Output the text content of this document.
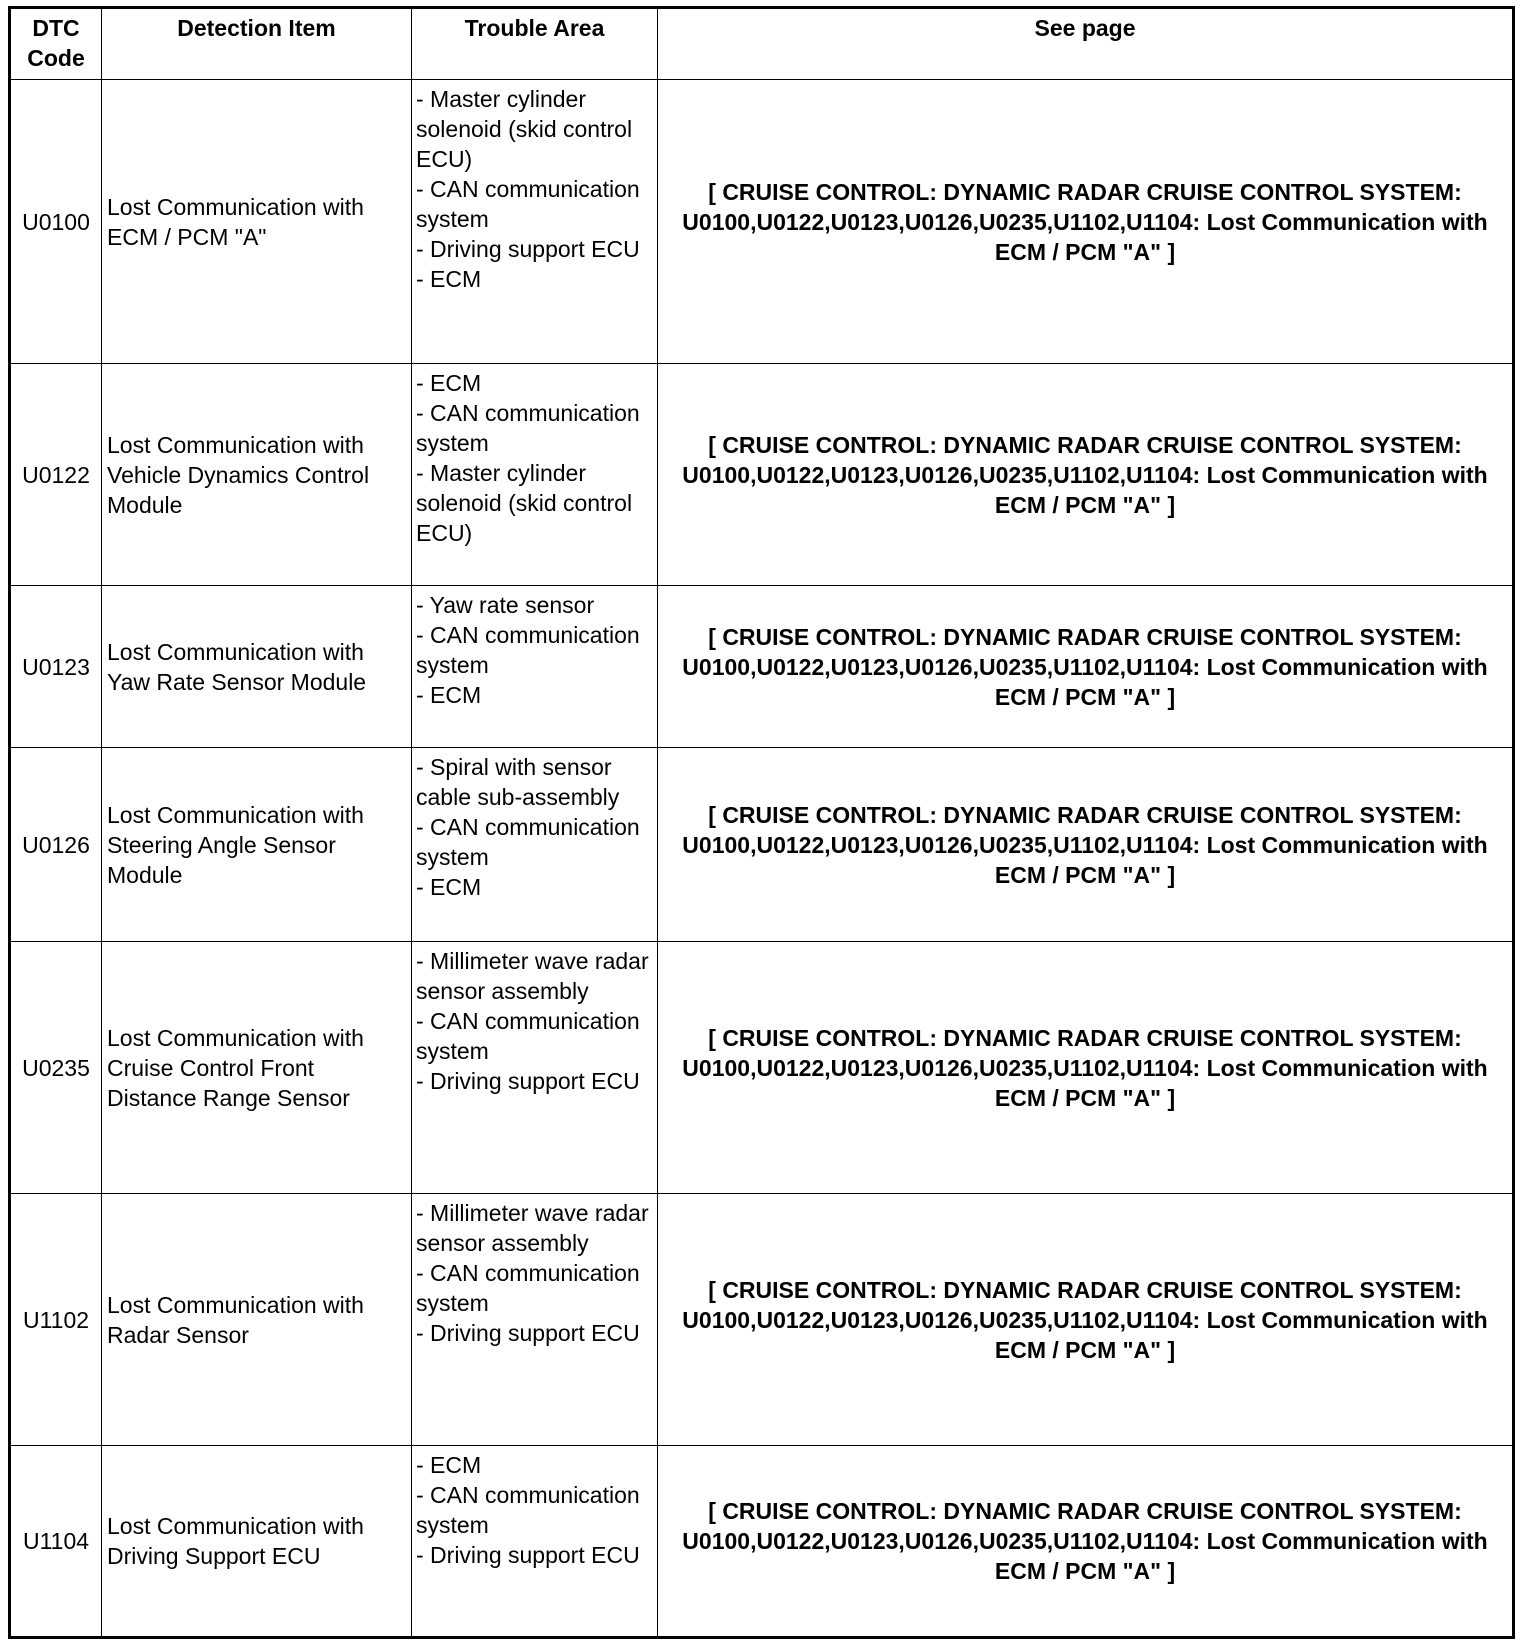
DTC Code	Detection Item	Trouble Area	See page
U0100	Lost Communication with ECM / PCM "A"	- Master cylinder solenoid (skid control ECU)
- CAN communication system
- Driving support ECU
- ECM	[ CRUISE CONTROL: DYNAMIC RADAR CRUISE CONTROL SYSTEM: U0100,U0122,U0123,U0126,U0235,U1102,U1104: Lost Communication with ECM / PCM "A" ]
U0122	Lost Communication with Vehicle Dynamics Control Module	- ECM
- CAN communication system
- Master cylinder solenoid (skid control ECU)	[ CRUISE CONTROL: DYNAMIC RADAR CRUISE CONTROL SYSTEM: U0100,U0122,U0123,U0126,U0235,U1102,U1104: Lost Communication with ECM / PCM "A" ]
U0123	Lost Communication with Yaw Rate Sensor Module	- Yaw rate sensor
- CAN communication system
- ECM	[ CRUISE CONTROL: DYNAMIC RADAR CRUISE CONTROL SYSTEM: U0100,U0122,U0123,U0126,U0235,U1102,U1104: Lost Communication with ECM / PCM "A" ]
U0126	Lost Communication with Steering Angle Sensor Module	- Spiral with sensor cable sub-assembly
- CAN communication system
- ECM	[ CRUISE CONTROL: DYNAMIC RADAR CRUISE CONTROL SYSTEM: U0100,U0122,U0123,U0126,U0235,U1102,U1104: Lost Communication with ECM / PCM "A" ]
U0235	Lost Communication with Cruise Control Front Distance Range Sensor	- Millimeter wave radar sensor assembly
- CAN communication system
- Driving support ECU	[ CRUISE CONTROL: DYNAMIC RADAR CRUISE CONTROL SYSTEM: U0100,U0122,U0123,U0126,U0235,U1102,U1104: Lost Communication with ECM / PCM "A" ]
U1102	Lost Communication with Radar Sensor	- Millimeter wave radar sensor assembly
- CAN communication system
- Driving support ECU	[ CRUISE CONTROL: DYNAMIC RADAR CRUISE CONTROL SYSTEM: U0100,U0122,U0123,U0126,U0235,U1102,U1104: Lost Communication with ECM / PCM "A" ]
U1104	Lost Communication with Driving Support ECU	- ECM
- CAN communication system
- Driving support ECU	[ CRUISE CONTROL: DYNAMIC RADAR CRUISE CONTROL SYSTEM: U0100,U0122,U0123,U0126,U0235,U1102,U1104: Lost Communication with ECM / PCM "A" ]
